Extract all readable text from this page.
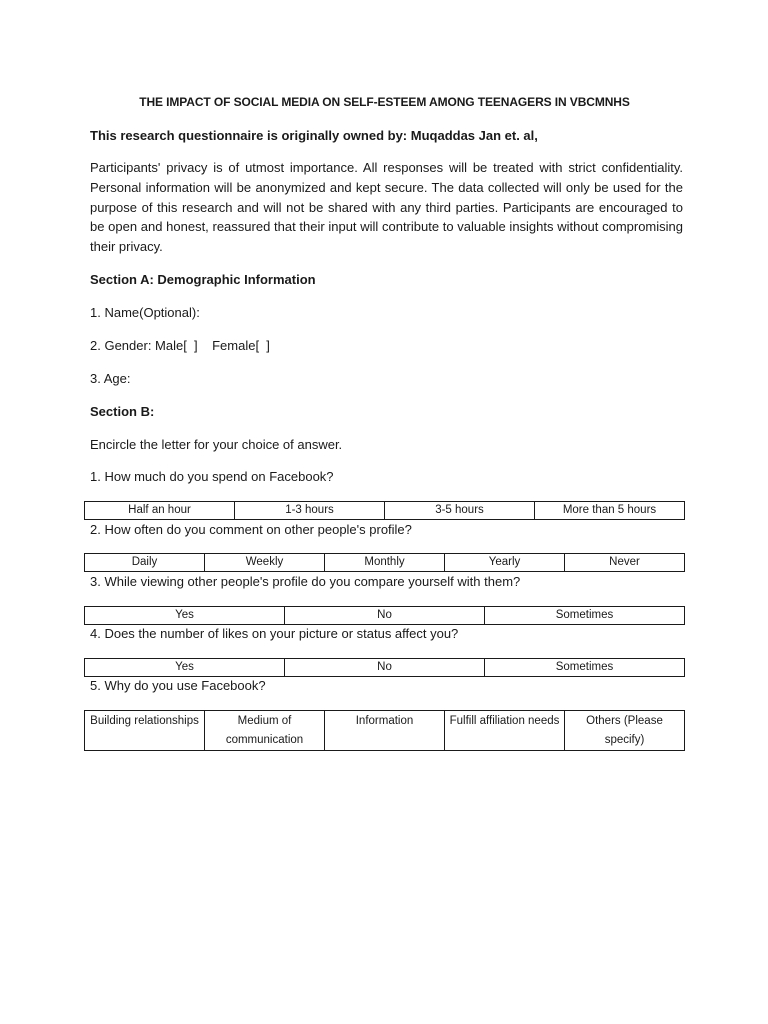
THE IMPACT OF SOCIAL MEDIA ON SELF-ESTEEM AMONG TEENAGERS IN VBCMNHS
This research questionnaire is originally owned by: Muqaddas Jan et. al,
Participants' privacy is of utmost importance. All responses will be treated with strict confidentiality. Personal information will be anonymized and kept secure. The data collected will only be used for the purpose of this research and will not be shared with any third parties. Participants are encouraged to be open and honest, reassured that their input will contribute to valuable insights without compromising their privacy.
Section A: Demographic Information
1. Name(Optional):
2. Gender: Male[  ]    Female[  ]
3. Age:
Section B:
Encircle the letter for your choice of answer.
1. How much do you spend on Facebook?
Half an hour	1-3 hours	3-5 hours	More than 5 hours
2. How often do you comment on other people's profile?
Daily	Weekly	Monthly	Yearly	Never
3. While viewing other people's profile do you compare yourself with them?
Yes	No	Sometimes
4. Does the number of likes on your picture or status affect you?
Yes	No	Sometimes
5. Why do you use Facebook?
Building relationships	Medium of communication	Information	Fulfill affiliation needs	Others (Please specify)
